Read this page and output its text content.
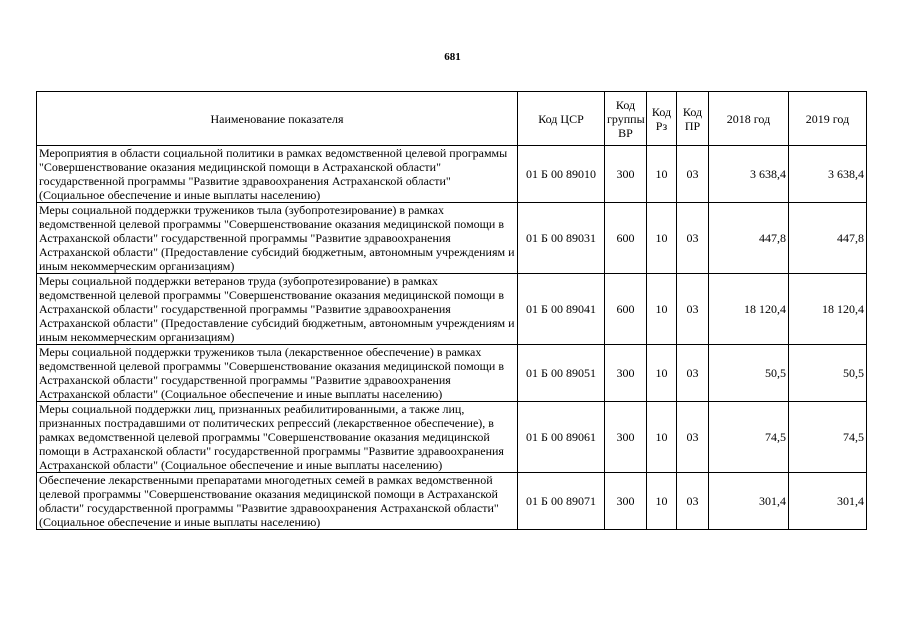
681
Наименование показателя	Код ЦСР	Код группы ВР	Код Рз	Код ПР	2018 год	2019 год
Мероприятия в области социальной политики в рамках ведомственной целевой программы "Совершенствование оказания медицинской помощи в Астраханской области" государственной программы "Развитие здравоохранения Астраханской области" (Социальное обеспечение и иные выплаты населению)	01 Б 00 89010	300	10	03	3 638,4	3 638,4
Меры социальной поддержки тружеников тыла (зубопротезирование) в рамках ведомственной целевой программы "Совершенствование оказания медицинской помощи в Астраханской области" государственной программы "Развитие здравоохранения Астраханской области" (Предоставление субсидий бюджетным, автономным учреждениям и иным некоммерческим организациям)	01 Б 00 89031	600	10	03	447,8	447,8
Меры социальной поддержки ветеранов труда (зубопротезирование) в рамках ведомственной целевой программы "Совершенствование оказания медицинской помощи в Астраханской области" государственной программы "Развитие здравоохранения Астраханской области" (Предоставление субсидий бюджетным, автономным учреждениям и иным некоммерческим организациям)	01 Б 00 89041	600	10	03	18 120,4	18 120,4
Меры социальной поддержки тружеников тыла (лекарственное обеспечение) в рамках ведомственной целевой программы "Совершенствование оказания медицинской помощи в Астраханской области" государственной программы "Развитие здравоохранения Астраханской области" (Социальное обеспечение и иные выплаты населению)	01 Б 00 89051	300	10	03	50,5	50,5
Меры социальной поддержки лиц, признанных реабилитированными, а также лиц, признанных пострадавшими от политических репрессий (лекарственное обеспечение), в рамках ведомственной целевой программы "Совершенствование оказания медицинской помощи в Астраханской области" государственной программы "Развитие здравоохранения Астраханской области" (Социальное обеспечение и иные выплаты населению)	01 Б 00 89061	300	10	03	74,5	74,5
Обеспечение лекарственными препаратами многодетных семей в рамках ведомственной целевой программы "Совершенствование оказания медицинской помощи в Астраханской области" государственной программы "Развитие здравоохранения Астраханской области" (Социальное обеспечение и иные выплаты населению)	01 Б 00 89071	300	10	03	301,4	301,4
